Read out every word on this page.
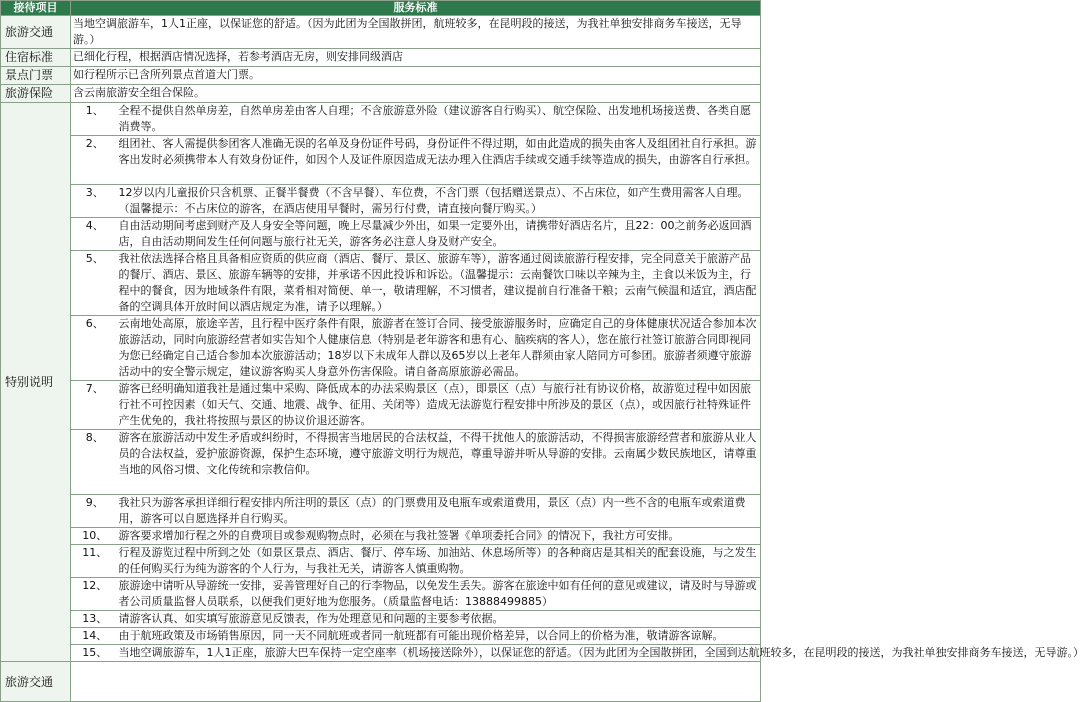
接待项目	服务标准	
旅游交通	当地空调旅游车，1人1正座，以保证您的舒适。（因为此团为全国散拼团，航班较多，在昆明段的接送，为我社单独安排商务车接送，无导游。）	
住宿标准	已细化行程，根据酒店情况选择，若参考酒店无房，则安排同级酒店	
景点门票	如行程所示已含所列景点首道大门票。	
旅游保险	含云南旅游安全组合保险。	
特别说明	1、	全程不提供自然单房差，自然单房差由客人自理；不含旅游意外险（建议游客自行购买）、航空保险、出发地机场接送费、各类自愿消费等。
	2、	组团社、客人需提供参团客人准确无误的名单及身份证件号码，身份证件不得过期，如由此造成的损失由客人及组团社自行承担。游客出发时必须携带本人有效身份证件，如因个人及证件原因造成无法办理入住酒店手续或交通手续等造成的损失，由游客自行承担。
	3、	12岁以内儿童报价只含机票、正餐半餐费（不含早餐）、车位费，不含门票（包括赠送景点）、不占床位，如产生费用需客人自理。（温馨提示：不占床位的游客，在酒店使用早餐时，需另行付费，请直接向餐厅购买。）
	4、	自由活动期间考虑到财产及人身安全等问题，晚上尽量减少外出，如果一定要外出，请携带好酒店名片，且22：00之前务必返回酒店，自由活动期间发生任何问题与旅行社无关，游客务必注意人身及财产安全。
	5、	我社依法选择合格且具备相应资质的供应商（酒店、餐厅、景区、旅游车等），游客通过阅读旅游行程安排，完全同意关于旅游产品的餐厅、酒店、景区、旅游车辆等的安排，并承诺不因此投诉和诉讼。（温馨提示：云南餐饮口味以辛辣为主，主食以米饭为主，行程中的餐食，因为地域条件有限，菜肴相对简便、单一，敬请理解，不习惯者，建议提前自行准备干粮；云南气候温和适宜，酒店配备的空调具体开放时间以酒店规定为准，请予以理解。）
	6、	云南地处高原，旅途辛苦，且行程中医疗条件有限，旅游者在签订合同、接受旅游服务时，应确定自己的身体健康状况适合参加本次旅游活动，同时向旅游经营者如实告知个人健康信息（特别是老年游客和患有心、脑疾病的客人），您在旅行社签订旅游合同即视同为您已经确定自己适合参加本次旅游活动；18岁以下未成年人群以及65岁以上老年人群须由家人陪同方可参团。旅游者须遵守旅游活动中的安全警示规定，建议游客购买人身意外伤害保险。请自备高原旅游必需品。
	7、	游客已经明确知道我社是通过集中采购、降低成本的办法采购景区（点），即景区（点）与旅行社有协议价格，故游览过程中如因旅行社不可控因素（如天气、交通、地震、战争、征用、关闭等）造成无法游览行程安排中所涉及的景区（点），或因旅行社特殊证件产生优免的，我社将按照与景区的协议价退还游客。
	8、	游客在旅游活动中发生矛盾或纠纷时，不得损害当地居民的合法权益，不得干扰他人的旅游活动，不得损害旅游经营者和旅游从业人员的合法权益，爱护旅游资源，保护生态环境，遵守旅游文明行为规范，尊重导游并听从导游的安排。云南属少数民族地区，请尊重当地的风俗习惯、文化传统和宗教信仰。
	9、	我社只为游客承担详细行程安排内所注明的景区（点）的门票费用及电瓶车或索道费用，景区（点）内一些不含的电瓶车或索道费用，游客可以自愿选择并自行购买。
	10、	游客要求增加行程之外的自费项目或参观购物点时，必须在与我社签署《单项委托合同》的情况下，我社方可安排。
	11、	行程及游览过程中所到之处（如景区景点、酒店、餐厅、停车场、加油站、休息场所等）的各种商店是其相关的配套设施，与之发生的任何购买行为纯为游客的个人行为，与我社无关，请游客人慎重购物。
	12、	旅游途中请听从导游统一安排，妥善管理好自己的行李物品，以免发生丢失。游客在旅途中如有任何的意见或建议，请及时与导游或者公司质量监督人员联系，以便我们更好地为您服务。（质量监督电话：13888499885）
	13、	请游客认真、如实填写旅游意见反馈表，作为处理意见和问题的主要参考依据。
	14、	由于航班政策及市场销售原因，同一天不同航班或者同一航班都有可能出现价格差异，以合同上的价格为准，敬请游客谅解。
	15、	当地空调旅游车，1人1正座，旅游大巴车保持一定空座率（机场接送除外），以保证您的舒适。（因为此团为全国散拼团，全国到达航班较多，在昆明段的接送，为我社单独安排商务车接送，无导游。）
旅游交通		
